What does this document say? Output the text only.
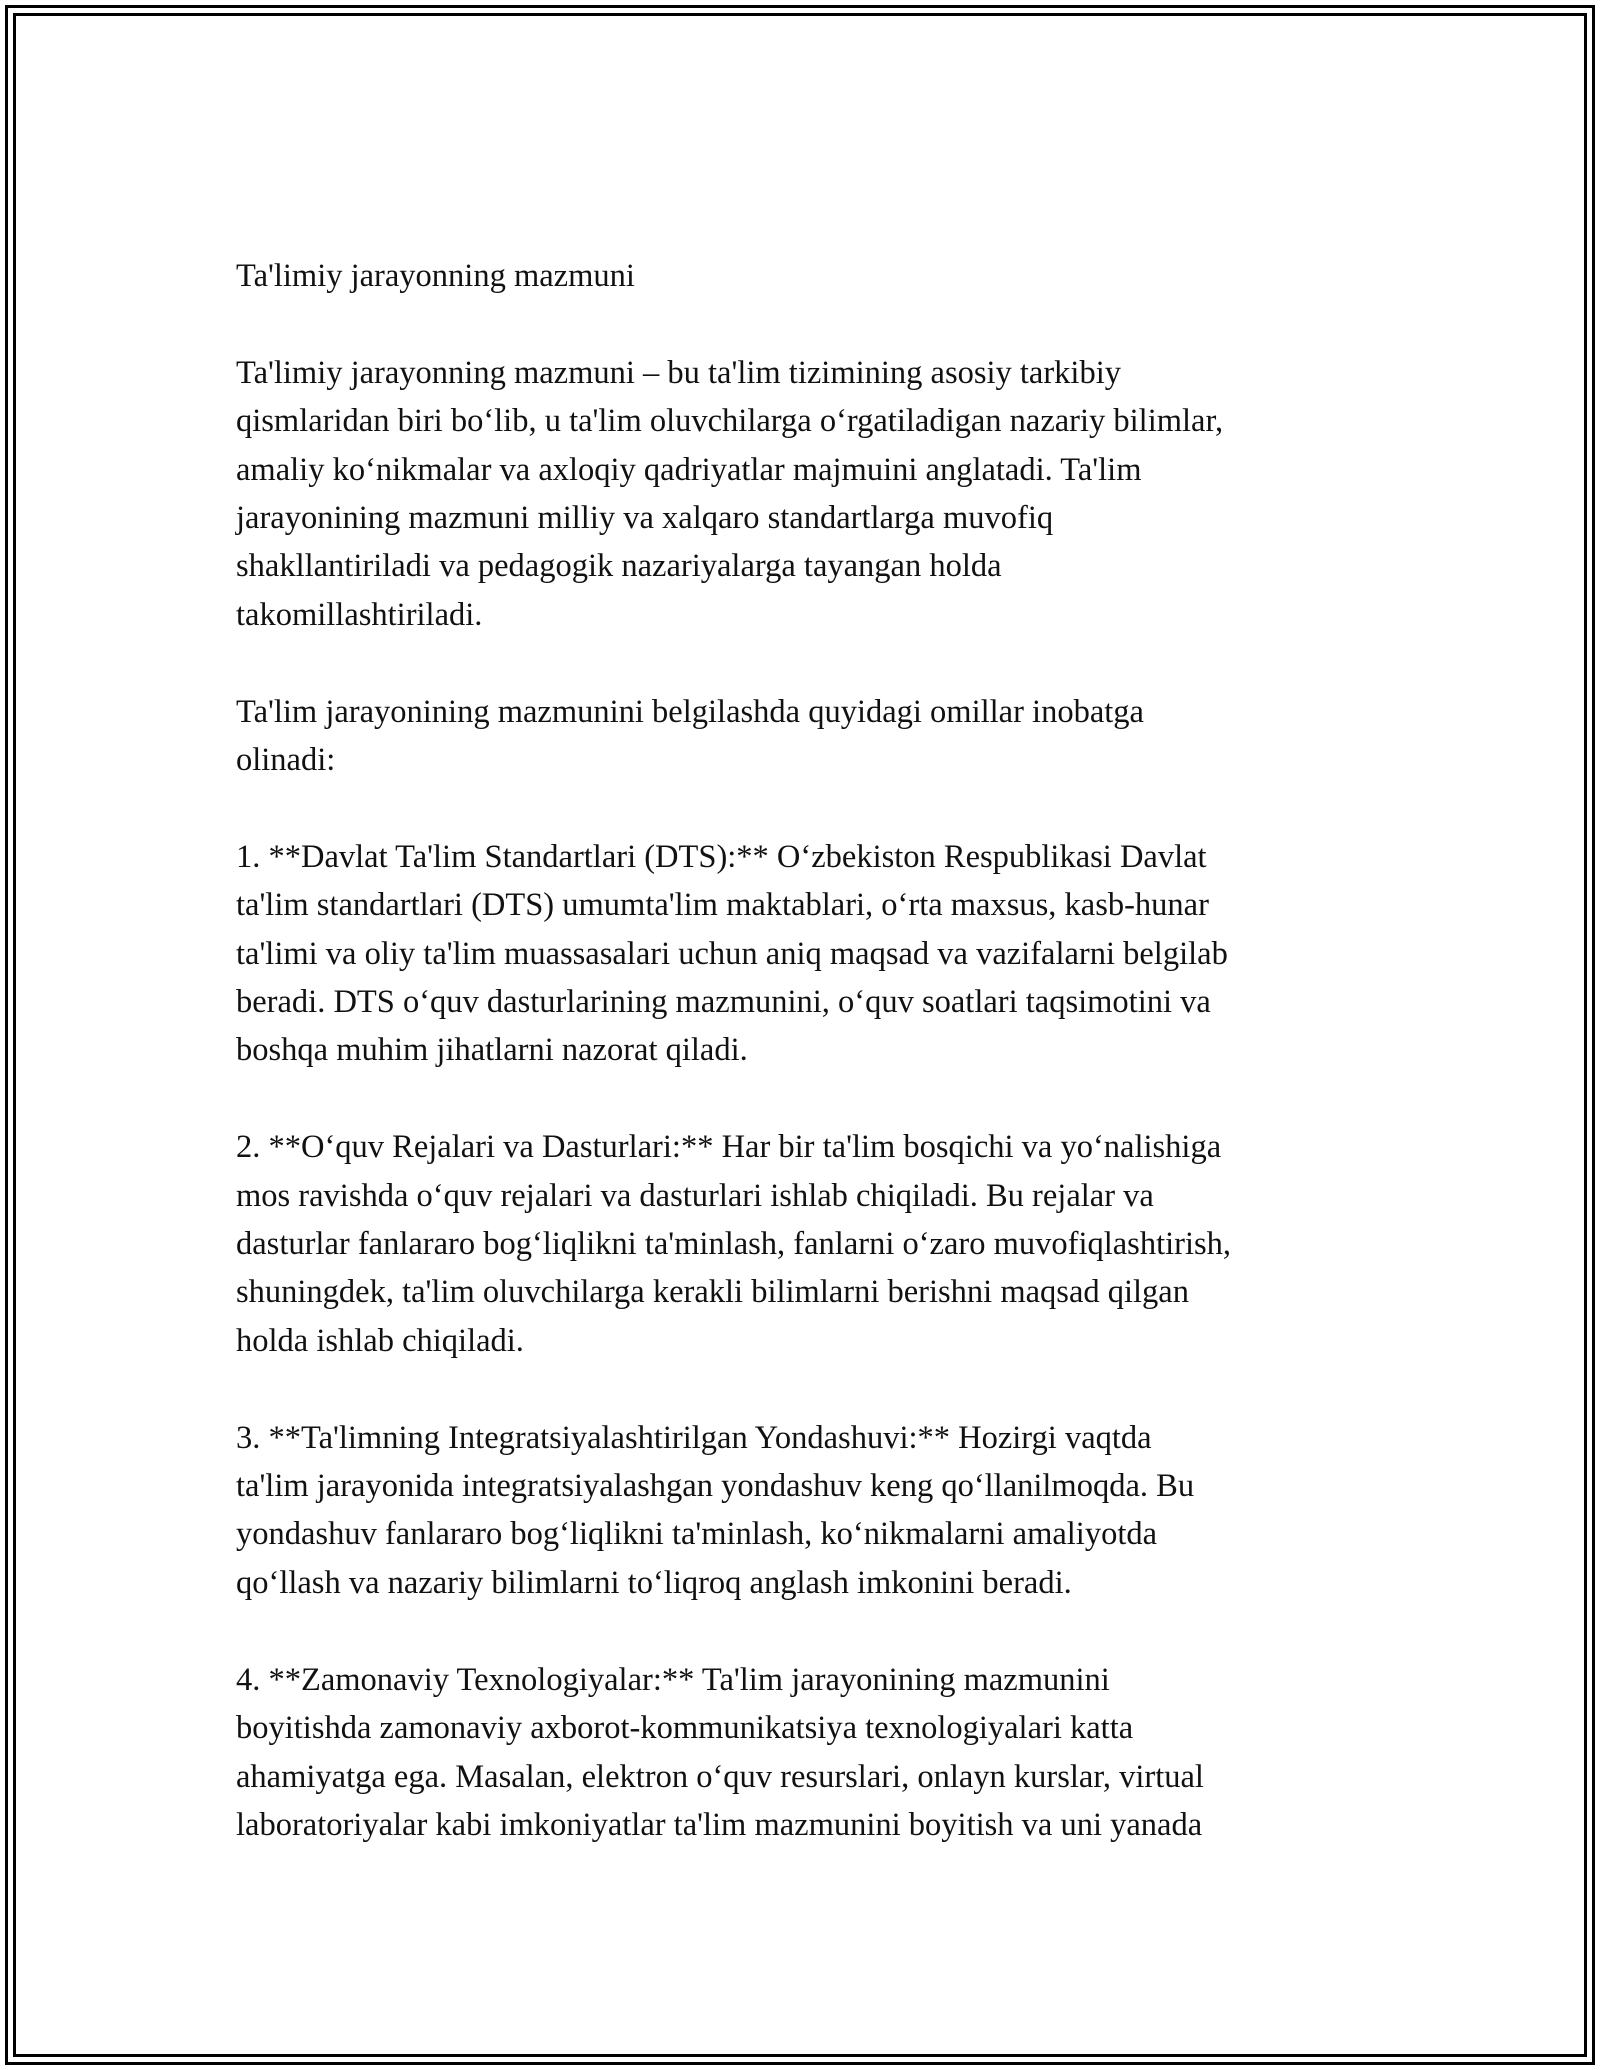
Ta'limiy jarayonning mazmuni

Ta'limiy jarayonning mazmuni – bu ta'lim tizimining asosiy tarkibiy
qismlaridan biri bo‘lib, u ta'lim oluvchilarga o‘rgatiladigan nazariy bilimlar,
amaliy ko‘nikmalar va axloqiy qadriyatlar majmuini anglatadi. Ta'lim
jarayonining mazmuni milliy va xalqaro standartlarga muvofiq
shakllantiriladi va pedagogik nazariyalarga tayangan holda
takomillashtiriladi.

Ta'lim jarayonining mazmunini belgilashda quyidagi omillar inobatga
olinadi:

1. **Davlat Ta'lim Standartlari (DTS):** O‘zbekiston Respublikasi Davlat
ta'lim standartlari (DTS) umumta'lim maktablari, o‘rta maxsus, kasb-hunar
ta'limi va oliy ta'lim muassasalari uchun aniq maqsad va vazifalarni belgilab
beradi. DTS o‘quv dasturlarining mazmunini, o‘quv soatlari taqsimotini va
boshqa muhim jihatlarni nazorat qiladi.

2. **O‘quv Rejalari va Dasturlari:** Har bir ta'lim bosqichi va yo‘nalishiga
mos ravishda o‘quv rejalari va dasturlari ishlab chiqiladi. Bu rejalar va
dasturlar fanlararo bog‘liqlikni ta'minlash, fanlarni o‘zaro muvofiqlashtirish,
shuningdek, ta'lim oluvchilarga kerakli bilimlarni berishni maqsad qilgan
holda ishlab chiqiladi.

3. **Ta'limning Integratsiyalashtirilgan Yondashuvi:** Hozirgi vaqtda
ta'lim jarayonida integratsiyalashgan yondashuv keng qo‘llanilmoqda. Bu
yondashuv fanlararo bog‘liqlikni ta'minlash, ko‘nikmalarni amaliyotda
qo‘llash va nazariy bilimlarni to‘liqroq anglash imkonini beradi.

4. **Zamonaviy Texnologiyalar:** Ta'lim jarayonining mazmunini
boyitishda zamonaviy axborot-kommunikatsiya texnologiyalari katta
ahamiyatga ega. Masalan, elektron o‘quv resurslari, onlayn kurslar, virtual
laboratoriyalar kabi imkoniyatlar ta'lim mazmunini boyitish va uni yanada
